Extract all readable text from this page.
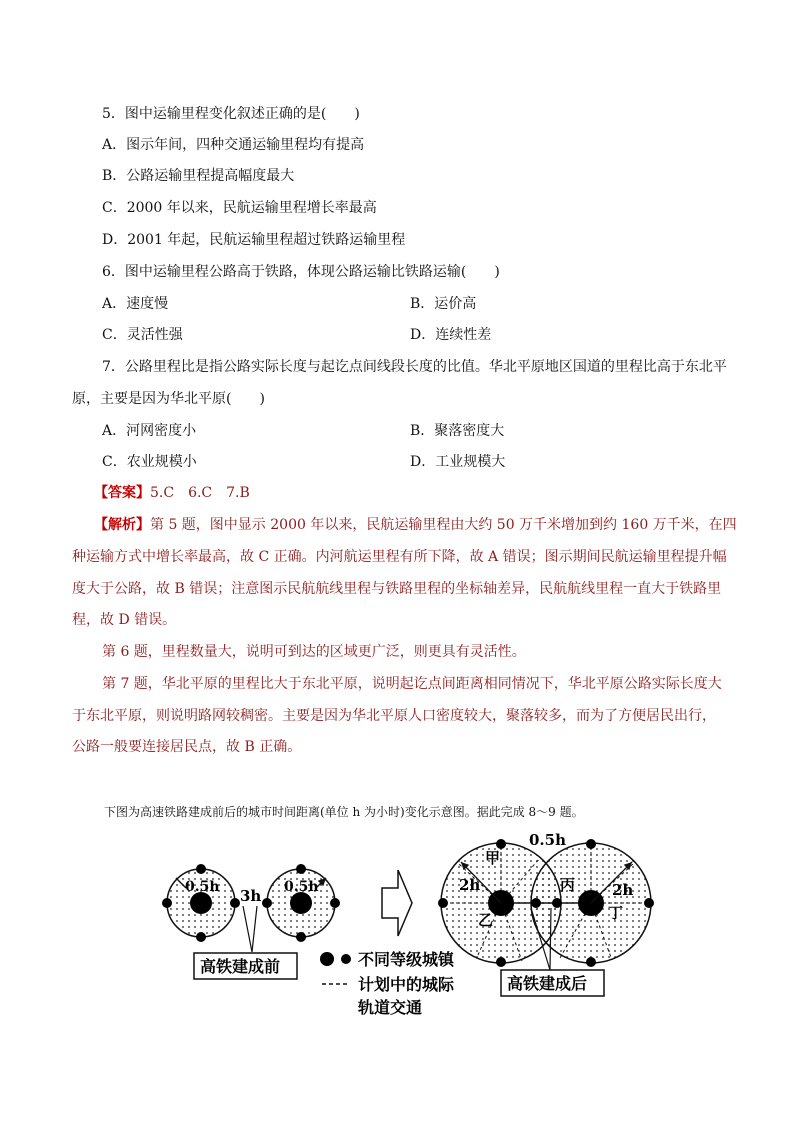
5．图中运输里程变化叙述正确的是(　　)
A．图示年间，四种交通运输里程均有提高
B．公路运输里程提高幅度最大
C．2000 年以来，民航运输里程增长率最高
D．2001 年起，民航运输里程超过铁路运输里程
6．图中运输里程公路高于铁路，体现公路运输比铁路运输(　　)
A．速度慢	B．运价高
C．灵活性强	D．连续性差
7．公路里程比是指公路实际长度与起讫点间线段长度的比值。华北平原地区国道的里程比高于东北平
原，主要是因为华北平原(　　)
A．河网密度小	B．聚落密度大
C．农业规模小	D．工业规模大
【答案】5.C　6.C　7.B
【解析】第 5 题，图中显示 2000 年以来，民航运输里程由大约 50 万千米增加到约 160 万千米，在四
种运输方式中增长率最高，故 C 正确。内河航运里程有所下降，故 A 错误；图示期间民航运输里程提升幅
度大于公路，故 B 错误；注意图示民航航线里程与铁路里程的坐标轴差异，民航航线里程一直大于铁路里
程，故 D 错误。
第 6 题，里程数量大，说明可到达的区域更广泛，则更具有灵活性。
第 7 题，华北平原的里程比大于东北平原，说明起讫点间距离相同情况下，华北平原公路实际长度大
于东北平原，则说明路网较稠密。主要是因为华北平原人口密度较大，聚落较多，而为了方便居民出行，
公路一般要连接居民点，故 B 正确。
下图为高速铁路建成前后的城市时间距离(单位 h 为小时)变化示意图。据此完成 8～9 题。
0.5h	0.5h
3h
高铁建成前	不同等级城镇
计划中的城际
轨道交通
0.5h
甲
2h
乙
丙 2h
丁
高铁建成后
